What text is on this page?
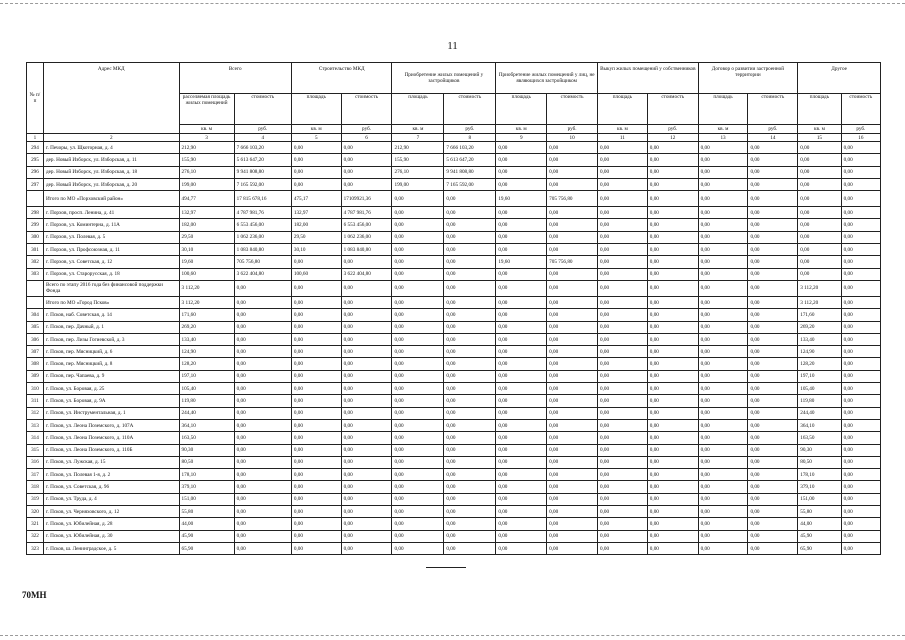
11
№ п/п	Адрес МКД	Всего		Строительство МКД		Приобретение жилых помещений у застройщиков		Приобретение жилых помещений у лиц, не являющихся застройщиком		Выкуп жилых помещений у собственников		Договор о развитии застроенной территории		Другое	
		расселяемая площадь жилых помещений	стоимость	площадь	стоимость	площадь	стоимость	площадь	стоимость	площадь	стоимость	площадь	стоимость	площадь	стоимость
		кв. м	руб.	кв. м	руб.	кв. м	руб.	кв. м	руб.	кв. м	руб.	кв. м	руб.	кв. м	руб.
1	2	3	4	5	6	7	8	9	10	11	12	13	14	15	16
294	г. Печоры, ул. Щкоторная, д. 4	212,90	7 666 103,20	0,00	0,00	212,90	7 666 103,20	0,00	0,00	0,00	0,00	0,00	0,00	0,00	0,00
295	дер. Новый Изборск, ул. Изборская, д. 11	155,90	5 613 647,20	0,00	0,00	155,90	5 613 647,20	0,00	0,00	0,00	0,00	0,00	0,00	0,00	0,00
296	дер. Новый Изборск, ул. Изборская, д. 18	276,10	9 941 808,80	0,00	0,00	276,10	9 941 808,80	0,00	0,00	0,00	0,00	0,00	0,00	0,00	0,00
297	дер. Новый Изборск, ул. Изборская, д. 20	199,00	7 165 592,00	0,00	0,00	199,00	7 165 592,00	0,00	0,00	0,00	0,00	0,00	0,00	0,00	0,00
	Итого по МО «Порховский район»	494,77	17 815 678,16	475,17	17109921,36	0,00	0,00	19,60	705 756,80	0,00	0,00	0,00	0,00	0,00	0,00
298	г. Порхов, просп. Ленина, д. 41	132,97	4 787 981,76	132,97	4 787 981,76	0,00	0,00	0,00	0,00	0,00	0,00	0,00	0,00	0,00	0,00
299	г. Порхов, ул. Коминтерна, д. 11А	182,00	6 553 456,00	182,00	6 553 456,00	0,00	0,00	0,00	0,00	0,00	0,00	0,00	0,00	0,00	0,00
300	г. Порхов, ул. Полевая, д. 5	29,50	1 062 236,00	29,50	1 062 236,00	0,00	0,00	0,00	0,00	0,00	0,00	0,00	0,00	0,00	0,00
301	г. Порхов, ул. Профсоюзная, д. 11	30,10	1 083 840,80	30,10	1 083 840,80	0,00	0,00	0,00	0,00	0,00	0,00	0,00	0,00	0,00	0,00
302	г. Порхов, ул. Советская, д. 12	19,60	705 756,80	0,00	0,00	0,00	0,00	19,60	705 756,80	0,00	0,00	0,00	0,00	0,00	0,00
303	г. Порхов, ул. Старорусская, д. 18	100,60	3 622 404,80	100,60	3 622 404,80	0,00	0,00	0,00	0,00	0,00	0,00	0,00	0,00	0,00	0,00
	Всего по этапу 2016 года без финансовой поддержки Фонда	3 112,20	0,00	0,00	0,00	0,00	0,00	0,00	0,00	0,00	0,00	0,00	0,00	3 112,20	0,00
	Итого по МО «Город Псков»	3 112,20	0,00	0,00	0,00	0,00	0,00	0,00	0,00	0,00	0,00	0,00	0,00	3 112,20	0,00
304	г. Псков, наб. Советская, д. 14	171,60	0,00	0,00	0,00	0,00	0,00	0,00	0,00	0,00	0,00	0,00	0,00	171,60	0,00
305	г. Псков, пер. Дачный, д. 1	269,20	0,00	0,00	0,00	0,00	0,00	0,00	0,00	0,00	0,00	0,00	0,00	269,20	0,00
306	г. Псков, пер. Лизы Гогиевской, д. 3	133,40	0,00	0,00	0,00	0,00	0,00	0,00	0,00	0,00	0,00	0,00	0,00	133,40	0,00
307	г. Псков, пер. Мясницкий, д. 6	124,90	0,00	0,00	0,00	0,00	0,00	0,00	0,00	0,00	0,00	0,00	0,00	124,90	0,00
308	г. Псков, пер. Мясницкий, д. 8	128,20	0,00	0,00	0,00	0,00	0,00	0,00	0,00	0,00	0,00	0,00	0,00	128,20	0,00
309	г. Псков, пер. Чапаева, д. 9	197,10	0,00	0,00	0,00	0,00	0,00	0,00	0,00	0,00	0,00	0,00	0,00	197,10	0,00
310	г. Псков, ул. Боровая, д. 25	105,40	0,00	0,00	0,00	0,00	0,00	0,00	0,00	0,00	0,00	0,00	0,00	105,40	0,00
311	г. Псков, ул. Боровая, д. 9А	119,80	0,00	0,00	0,00	0,00	0,00	0,00	0,00	0,00	0,00	0,00	0,00	119,80	0,00
312	г. Псков, ул. Инструментальная, д. 1	244,40	0,00	0,00	0,00	0,00	0,00	0,00	0,00	0,00	0,00	0,00	0,00	244,40	0,00
313	г. Псков, ул. Леона Поземского, д. 107А	364,10	0,00	0,00	0,00	0,00	0,00	0,00	0,00	0,00	0,00	0,00	0,00	364,10	0,00
314	г. Псков, ул. Леона Поземского, д. 110А	163,50	0,00	0,00	0,00	0,00	0,00	0,00	0,00	0,00	0,00	0,00	0,00	163,50	0,00
315	г. Псков, ул. Леона Поземского, д. 110Б	90,30	0,00	0,00	0,00	0,00	0,00	0,00	0,00	0,00	0,00	0,00	0,00	90,30	0,00
316	г. Псков, ул. Лужская, д. 15	80,50	0,00	0,00	0,00	0,00	0,00	0,00	0,00	0,00	0,00	0,00	0,00	80,50	0,00
317	г. Псков, ул. Полевая 1-я, д. 2	178,10	0,00	0,00	0,00	0,00	0,00	0,00	0,00	0,00	0,00	0,00	0,00	178,10	0,00
318	г. Псков, ул. Советская, д. 96	379,10	0,00	0,00	0,00	0,00	0,00	0,00	0,00	0,00	0,00	0,00	0,00	379,10	0,00
319	г. Псков, ул. Труда, д. 4	151,00	0,00	0,00	0,00	0,00	0,00	0,00	0,00	0,00	0,00	0,00	0,00	151,00	0,00
320	г. Псков, ул. Черняховского, д. 12	55,80	0,00	0,00	0,00	0,00	0,00	0,00	0,00	0,00	0,00	0,00	0,00	55,80	0,00
321	г. Псков, ул. Юбилейная, д. 28	44,00	0,00	0,00	0,00	0,00	0,00	0,00	0,00	0,00	0,00	0,00	0,00	44,00	0,00
322	г. Псков, ул. Юбилейная, д. 30	45,90	0,00	0,00	0,00	0,00	0,00	0,00	0,00	0,00	0,00	0,00	0,00	45,90	0,00
323	г. Псков, ш. Ленинградское, д. 5	65,90	0,00	0,00	0,00	0,00	0,00	0,00	0,00	0,00	0,00	0,00	0,00	65,90	0,00
70МН
